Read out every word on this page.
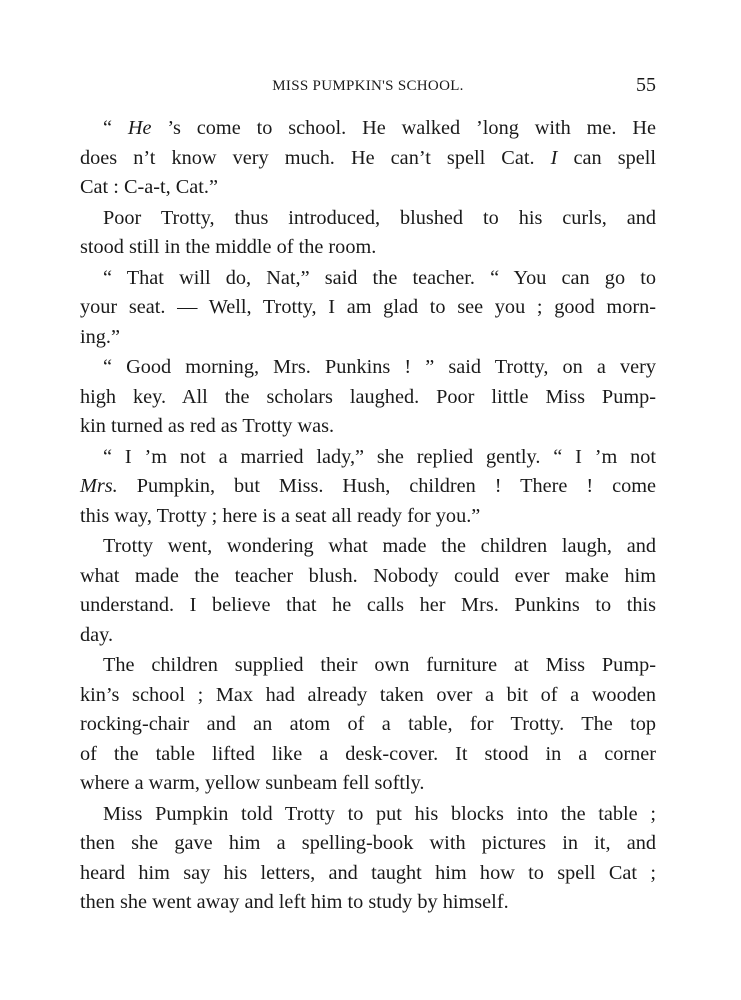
MISS PUMPKIN'S SCHOOL.	55

“ He ’s come to school. He walked ’long with me. He
does n’t know very much. He can’t spell Cat. I can spell
Cat : C-a-t, Cat.”

Poor Trotty, thus introduced, blushed to his curls, and
stood still in the middle of the room.

“ That will do, Nat,” said the teacher. “ You can go to
your seat. — Well, Trotty, I am glad to see you ; good morn-
ing.”

“ Good morning, Mrs. Punkins ! ” said Trotty, on a very
high key. All the scholars laughed. Poor little Miss Pump-
kin turned as red as Trotty was.

“ I ’m not a married lady,” she replied gently. “ I ’m not
Mrs. Pumpkin, but Miss. Hush, children ! There ! come
this way, Trotty ; here is a seat all ready for you.”

Trotty went, wondering what made the children laugh, and
what made the teacher blush. Nobody could ever make him
understand. I believe that he calls her Mrs. Punkins to this
day.

The children supplied their own furniture at Miss Pump-
kin’s school ; Max had already taken over a bit of a wooden
rocking-chair and an atom of a table, for Trotty. The top
of the table lifted like a desk-cover. It stood in a corner
where a warm, yellow sunbeam fell softly.

Miss Pumpkin told Trotty to put his blocks into the table ;
then she gave him a spelling-book with pictures in it, and
heard him say his letters, and taught him how to spell Cat ;
then she went away and left him to study by himself.
